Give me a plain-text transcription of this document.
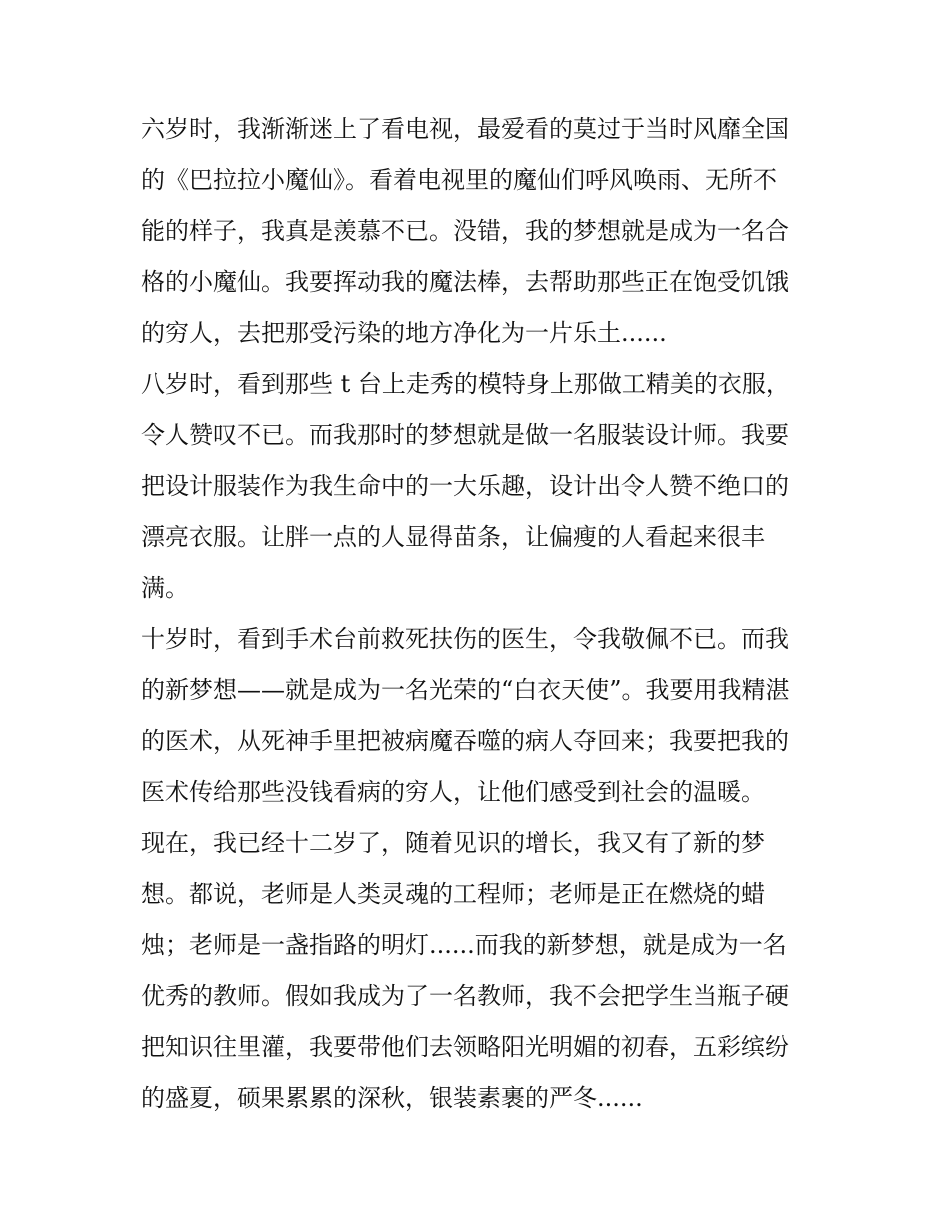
六岁时，我渐渐迷上了看电视，最爱看的莫过于当时风靡全国
的《巴拉拉小魔仙》。看着电视里的魔仙们呼风唤雨、无所不
能的样子，我真是羡慕不已。没错，我的梦想就是成为一名合
格的小魔仙。我要挥动我的魔法棒，去帮助那些正在饱受饥饿
的穷人，去把那受污染的地方净化为一片乐土......

八岁时，看到那些 t 台上走秀的模特身上那做工精美的衣服，
令人赞叹不已。而我那时的梦想就是做一名服装设计师。我要
把设计服装作为我生命中的一大乐趣，设计出令人赞不绝口的
漂亮衣服。让胖一点的人显得苗条，让偏瘦的人看起来很丰
满。

十岁时，看到手术台前救死扶伤的医生，令我敬佩不已。而我
的新梦想——就是成为一名光荣的“白衣天使”。我要用我精湛
的医术，从死神手里把被病魔吞噬的病人夺回来；我要把我的
医术传给那些没钱看病的穷人，让他们感受到社会的温暖。

现在，我已经十二岁了，随着见识的增长，我又有了新的梦
想。都说，老师是人类灵魂的工程师；老师是正在燃烧的蜡
烛；老师是一盏指路的明灯......而我的新梦想，就是成为一名
优秀的教师。假如我成为了一名教师，我不会把学生当瓶子硬
把知识往里灌，我要带他们去领略阳光明媚的初春，五彩缤纷
的盛夏，硕果累累的深秋，银装素裹的严冬......
